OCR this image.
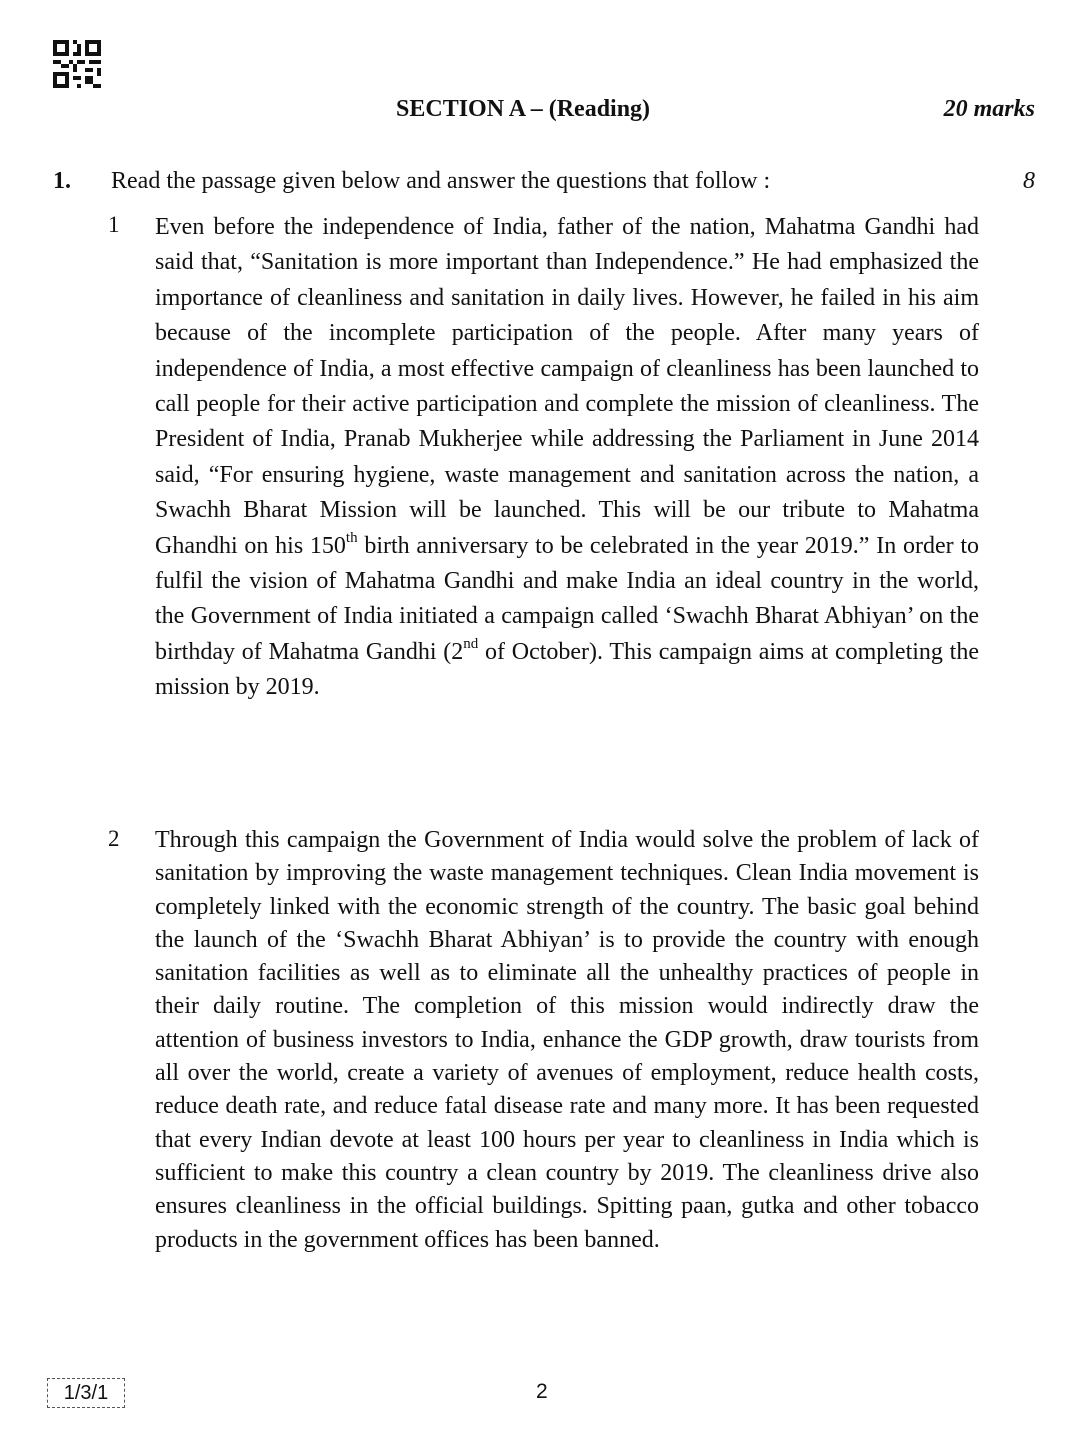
SECTION A – (Reading)	20 marks
1. Read the passage given below and answer the questions that follow :	8
1 Even before the independence of India, father of the nation, Mahatma Gandhi had said that, “Sanitation is more important than Independence.” He had emphasized the importance of cleanliness and sanitation in daily lives. However, he failed in his aim because of the incomplete participation of the people. After many years of independence of India, a most effective campaign of cleanliness has been launched to call people for their active participation and complete the mission of cleanliness. The President of India, Pranab Mukherjee while addressing the Parliament in June 2014 said, “For ensuring hygiene, waste management and sanitation across the nation, a Swachh Bharat Mission will be launched. This will be our tribute to Mahatma Ghandhi on his 150th birth anniversary to be celebrated in the year 2019.” In order to fulfil the vision of Mahatma Gandhi and make India an ideal country in the world, the Government of India initiated a campaign called ‘Swachh Bharat Abhiyan’ on the birthday of Mahatma Gandhi (2nd of October). This campaign aims at completing the mission by 2019.

2 Through this campaign the Government of India would solve the problem of lack of sanitation by improving the waste management techniques. Clean India movement is completely linked with the economic strength of the country. The basic goal behind the launch of the ‘Swachh Bharat Abhiyan’ is to provide the country with enough sanitation facilities as well as to eliminate all the unhealthy practices of people in their daily routine. The completion of this mission would indirectly draw the attention of business investors to India, enhance the GDP growth, draw tourists from all over the world, create a variety of avenues of employment, reduce health costs, reduce death rate, and reduce fatal disease rate and many more. It has been requested that every Indian devote at least 100 hours per year to cleanliness in India which is sufficient to make this country a clean country by 2019. The cleanliness drive also ensures cleanliness in the official buildings. Spitting paan, gutka and other tobacco products in the government offices has been banned.

1/3/1	2
